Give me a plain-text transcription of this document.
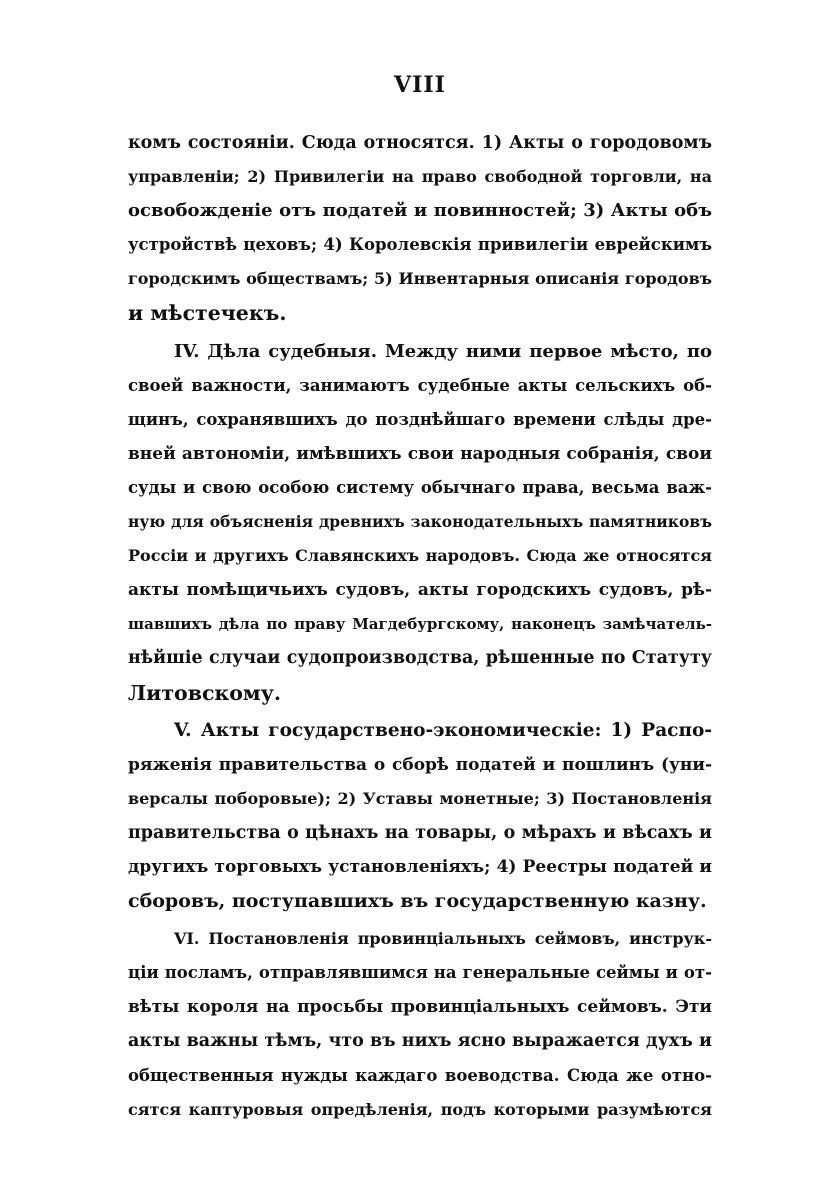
VIII
комъ состояніи. Сюда относятся. 1) Акты о городовомъ
управленіи; 2) Привилегіи на право свободной торговли, на
освобожденіе отъ податей и повинностей; 3) Акты объ
устройствѣ цеховъ; 4) Королевскія привилегіи еврейскимъ
городскимъ обществамъ; 5) Инвентарныя описанія городовъ
и мѣстечекъ.
IV. Дѣла судебныя. Между ними первое мѣсто, по
своей важности, занимаютъ судебные акты сельскихъ об-
щинъ, сохранявшихъ до позднѣйшаго времени слѣды дре-
вней автономіи, имѣвшихъ свои народныя собранія, свои
суды и свою особою систему обычнаго права, весьма важ-
ную для объясненія древнихъ законодательныхъ памятниковъ
Россіи и другихъ Славянскихъ народовъ. Сюда же относятся
акты помѣщичьихъ судовъ, акты городскихъ судовъ, рѣ-
шавшихъ дѣла по праву Магдебургскому, наконецъ замѣчатель-
нѣйшіе случаи судопроизводства, рѣшенные по Статуту
Литовскому.
V. Акты государствено-экономическіе: 1) Распо-
ряженія правительства о сборѣ податей и пошлинъ (уни-
версалы поборовые); 2) Уставы монетные; 3) Постановленія
правительства о цѣнахъ на товары, о мѣрахъ и вѣсахъ и
другихъ торговыхъ установленіяхъ; 4) Реестры податей и
сборовъ, поступавшихъ въ государственную казну.
VI. Постановленія провинціальныхъ сеймовъ, инструк-
ціи посламъ, отправлявшимся на генеральные сеймы и от-
вѣты короля на просьбы провинціальныхъ сеймовъ. Эти
акты важны тѣмъ, что въ нихъ ясно выражается духъ и
общественныя нужды каждаго воеводства. Сюда же отно-
сятся каптуровыя опредѣленія, подъ которыми разумѣются
